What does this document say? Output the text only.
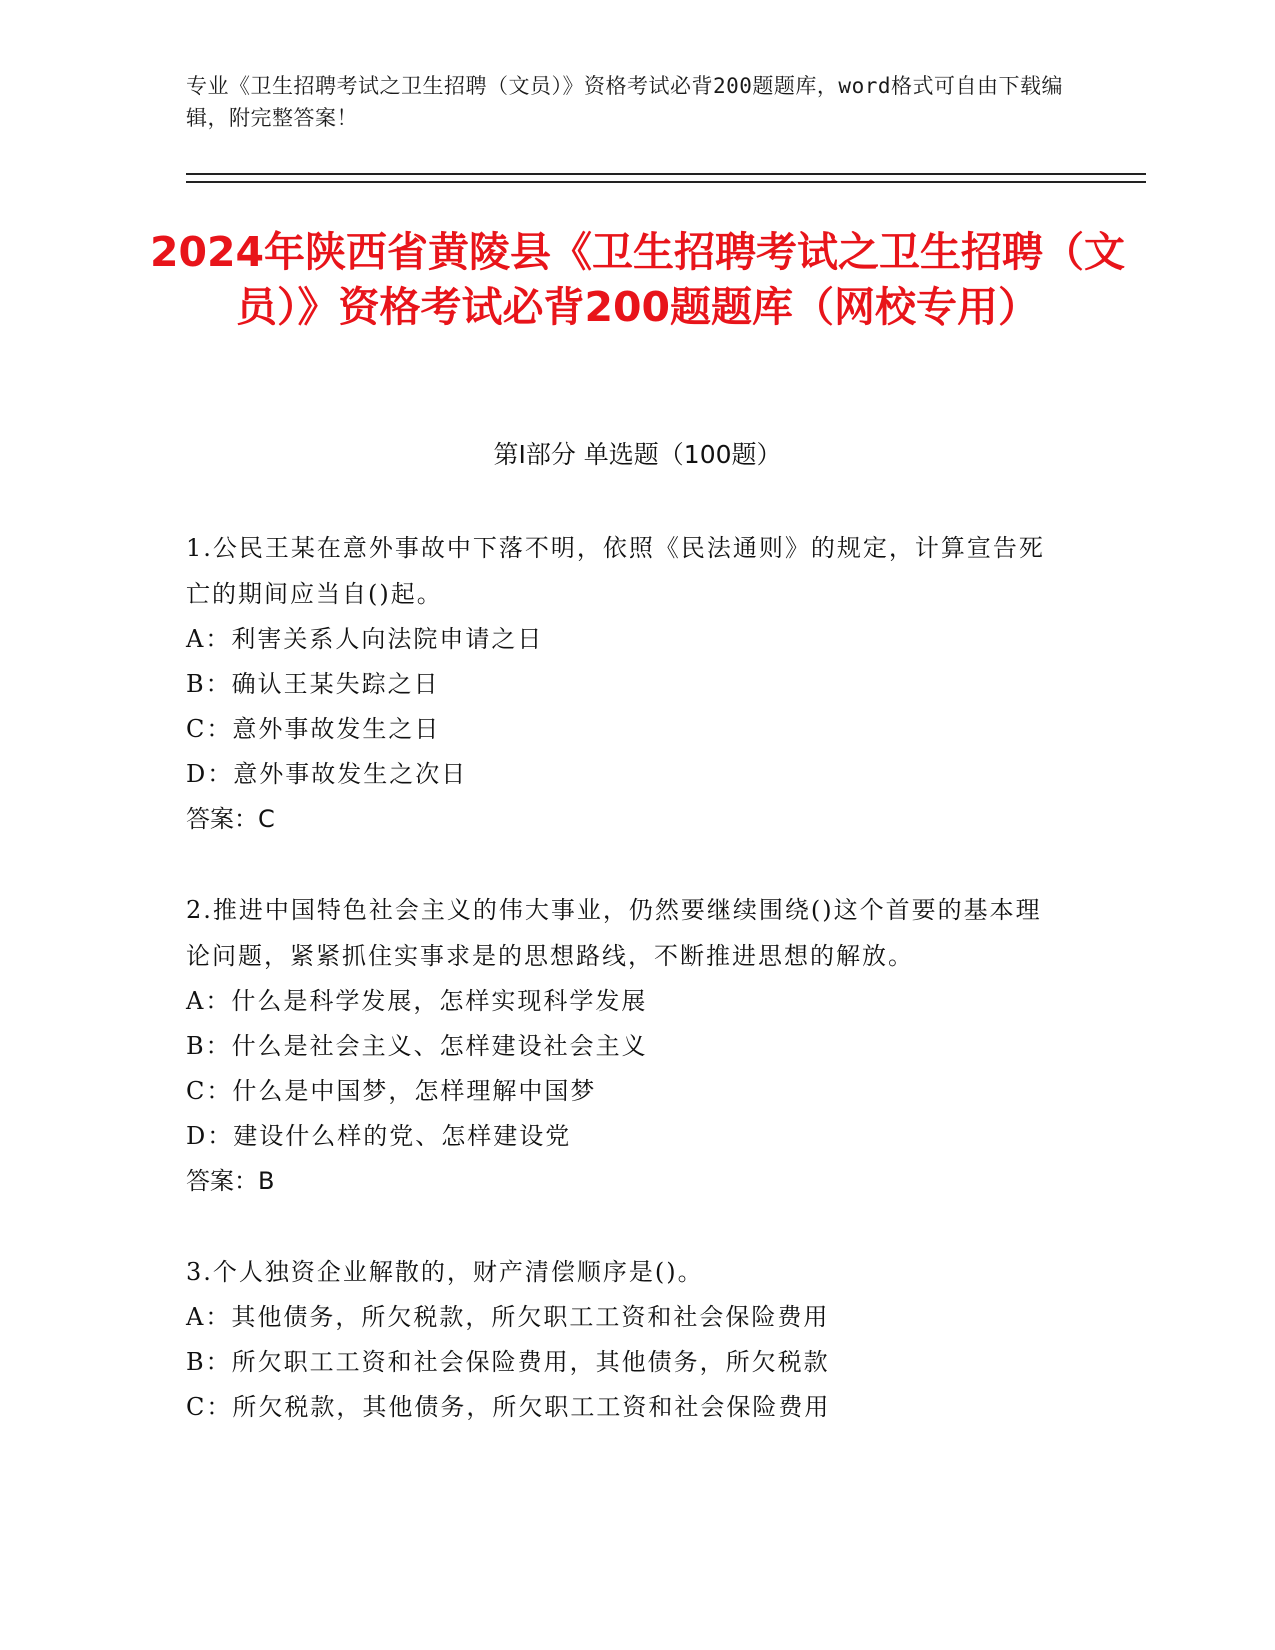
专业《卫生招聘考试之卫生招聘（文员）》资格考试必背200题题库，word格式可自由下载编辑，附完整答案！
2024年陕西省黄陵县《卫生招聘考试之卫生招聘（文员）》资格考试必背200题题库（网校专用）
第I部分 单选题（100题）
1.公民王某在意外事故中下落不明，依照《民法通则》的规定，计算宣告死亡的期间应当自()起。
A：利害关系人向法院申请之日
B：确认王某失踪之日
C：意外事故发生之日
D：意外事故发生之次日
答案：C
2.推进中国特色社会主义的伟大事业，仍然要继续围绕()这个首要的基本理论问题，紧紧抓住实事求是的思想路线，不断推进思想的解放。
A：什么是科学发展，怎样实现科学发展
B：什么是社会主义、怎样建设社会主义
C：什么是中国梦，怎样理解中国梦
D：建设什么样的党、怎样建设党
答案：B
3.个人独资企业解散的，财产清偿顺序是()。
A：其他债务，所欠税款，所欠职工工资和社会保险费用
B：所欠职工工资和社会保险费用，其他债务，所欠税款
C：所欠税款，其他债务，所欠职工工资和社会保险费用
